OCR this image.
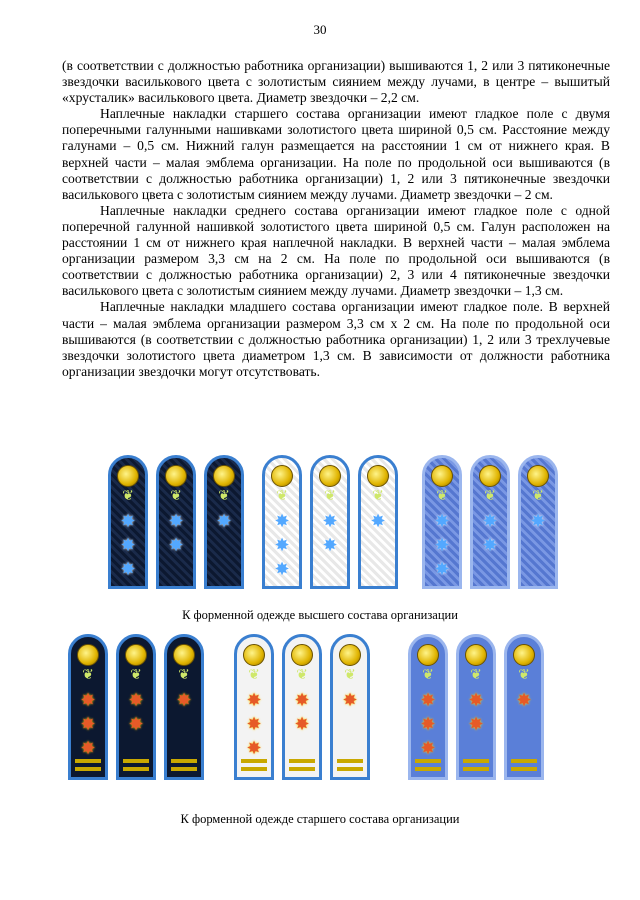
30

(в соответствии с должностью работника организации) вышиваются 1, 2 или 3 пятиконечные звездочки василькового цвета с золотистым сиянием между лучами, в центре – вышитый «хрусталик» василькового цвета. Диаметр звездочки – 2,2 см.

Наплечные накладки старшего состава организации имеют гладкое поле с двумя поперечными галунными нашивками золотистого цвета шириной 0,5 см. Расстояние между галунами – 0,5 см. Нижний галун размещается на расстоянии 1 см от нижнего края. В верхней части – малая эмблема организации. На поле по продольной оси вышиваются (в соответствии с должностью работника организации) 1, 2 или 3 пятиконечные звездочки василькового цвета с золотистым сиянием между лучами. Диаметр звездочки – 2 см.

Наплечные накладки среднего состава организации имеют гладкое поле с одной поперечной галунной нашивкой золотистого цвета шириной 0,5 см. Галун расположен на расстоянии 1 см от нижнего края наплечной накладки. В верхней части – малая эмблема организации размером 3,3 см на 2 см. На поле по продольной оси вышиваются (в соответствии с должностью работника организации) 2, 3 или 4 пятиконечные звездочки василькового цвета с золотистым сиянием между лучами. Диаметр звездочки – 1,3 см.

Наплечные накладки младшего состава организации имеют гладкое поле. В верхней части – малая эмблема организации размером 3,3 см х 2 см. На поле по продольной оси вышиваются (в соответствии с должностью работника организации) 1, 2 или 3 трехлучевые звездочки золотистого цвета диаметром 1,3 см. В зависимости от должности работника организации звездочки могут отсутствовать.

❦
✸
✸
✸
❦
✸
✸
❦
✸
❦
✸
✸
✸
❦
✸
✸
❦
✸
❦
✸
✸
✸
❦
✸
✸
❦
✸
К форменной одежде высшего состава организации
❦
✸
✸
✸
❦
✸
✸
❦
✸
❦
✸
✸
✸
❦
✸
✸
❦
✸
❦
✸
✸
✸
❦
✸
✸
❦
✸
К форменной одежде старшего состава организации
